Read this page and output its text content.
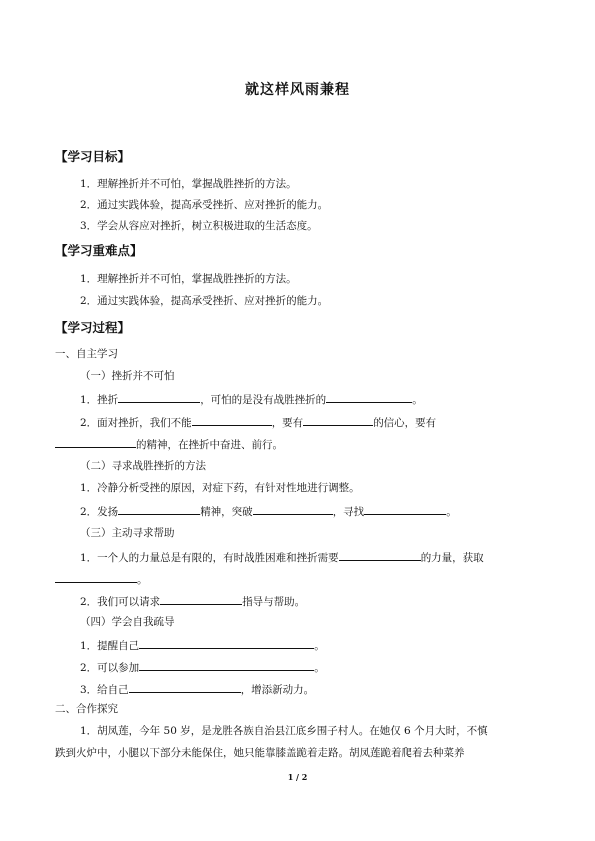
就这样风雨兼程
【学习目标】
1．理解挫折并不可怕，掌握战胜挫折的方法。
2．通过实践体验，提高承受挫折、应对挫折的能力。
3．学会从容应对挫折，树立积极进取的生活态度。
【学习重难点】
1．理解挫折并不可怕，掌握战胜挫折的方法。
2．通过实践体验，提高承受挫折、应对挫折的能力。
【学习过程】
一、自主学习
（一）挫折并不可怕
1．挫折	，可怕的是没有战胜挫折的	。
2．面对挫折，我们不能	，要有	的信心，要有
的精神，在挫折中奋进、前行。
（二）寻求战胜挫折的方法
1．冷静分析受挫的原因，对症下药，有针对性地进行调整。
2．发扬	精神，突破	，寻找	。
（三）主动寻求帮助
1．一个人的力量总是有限的，有时战胜困难和挫折需要	的力量，获取
。
2．我们可以请求	指导与帮助。
（四）学会自我疏导
1．提醒自己	。
2．可以参加	。
3．给自己	，增添新动力。
二、合作探究
1．胡凤莲，今年 50 岁，是龙胜各族自治县江底乡围子村人。在她仅 6 个月大时，不慎
跌到火炉中，小腿以下部分未能保住，她只能靠膝盖跪着走路。胡凤莲跪着爬着去种菜养
1 / 2
